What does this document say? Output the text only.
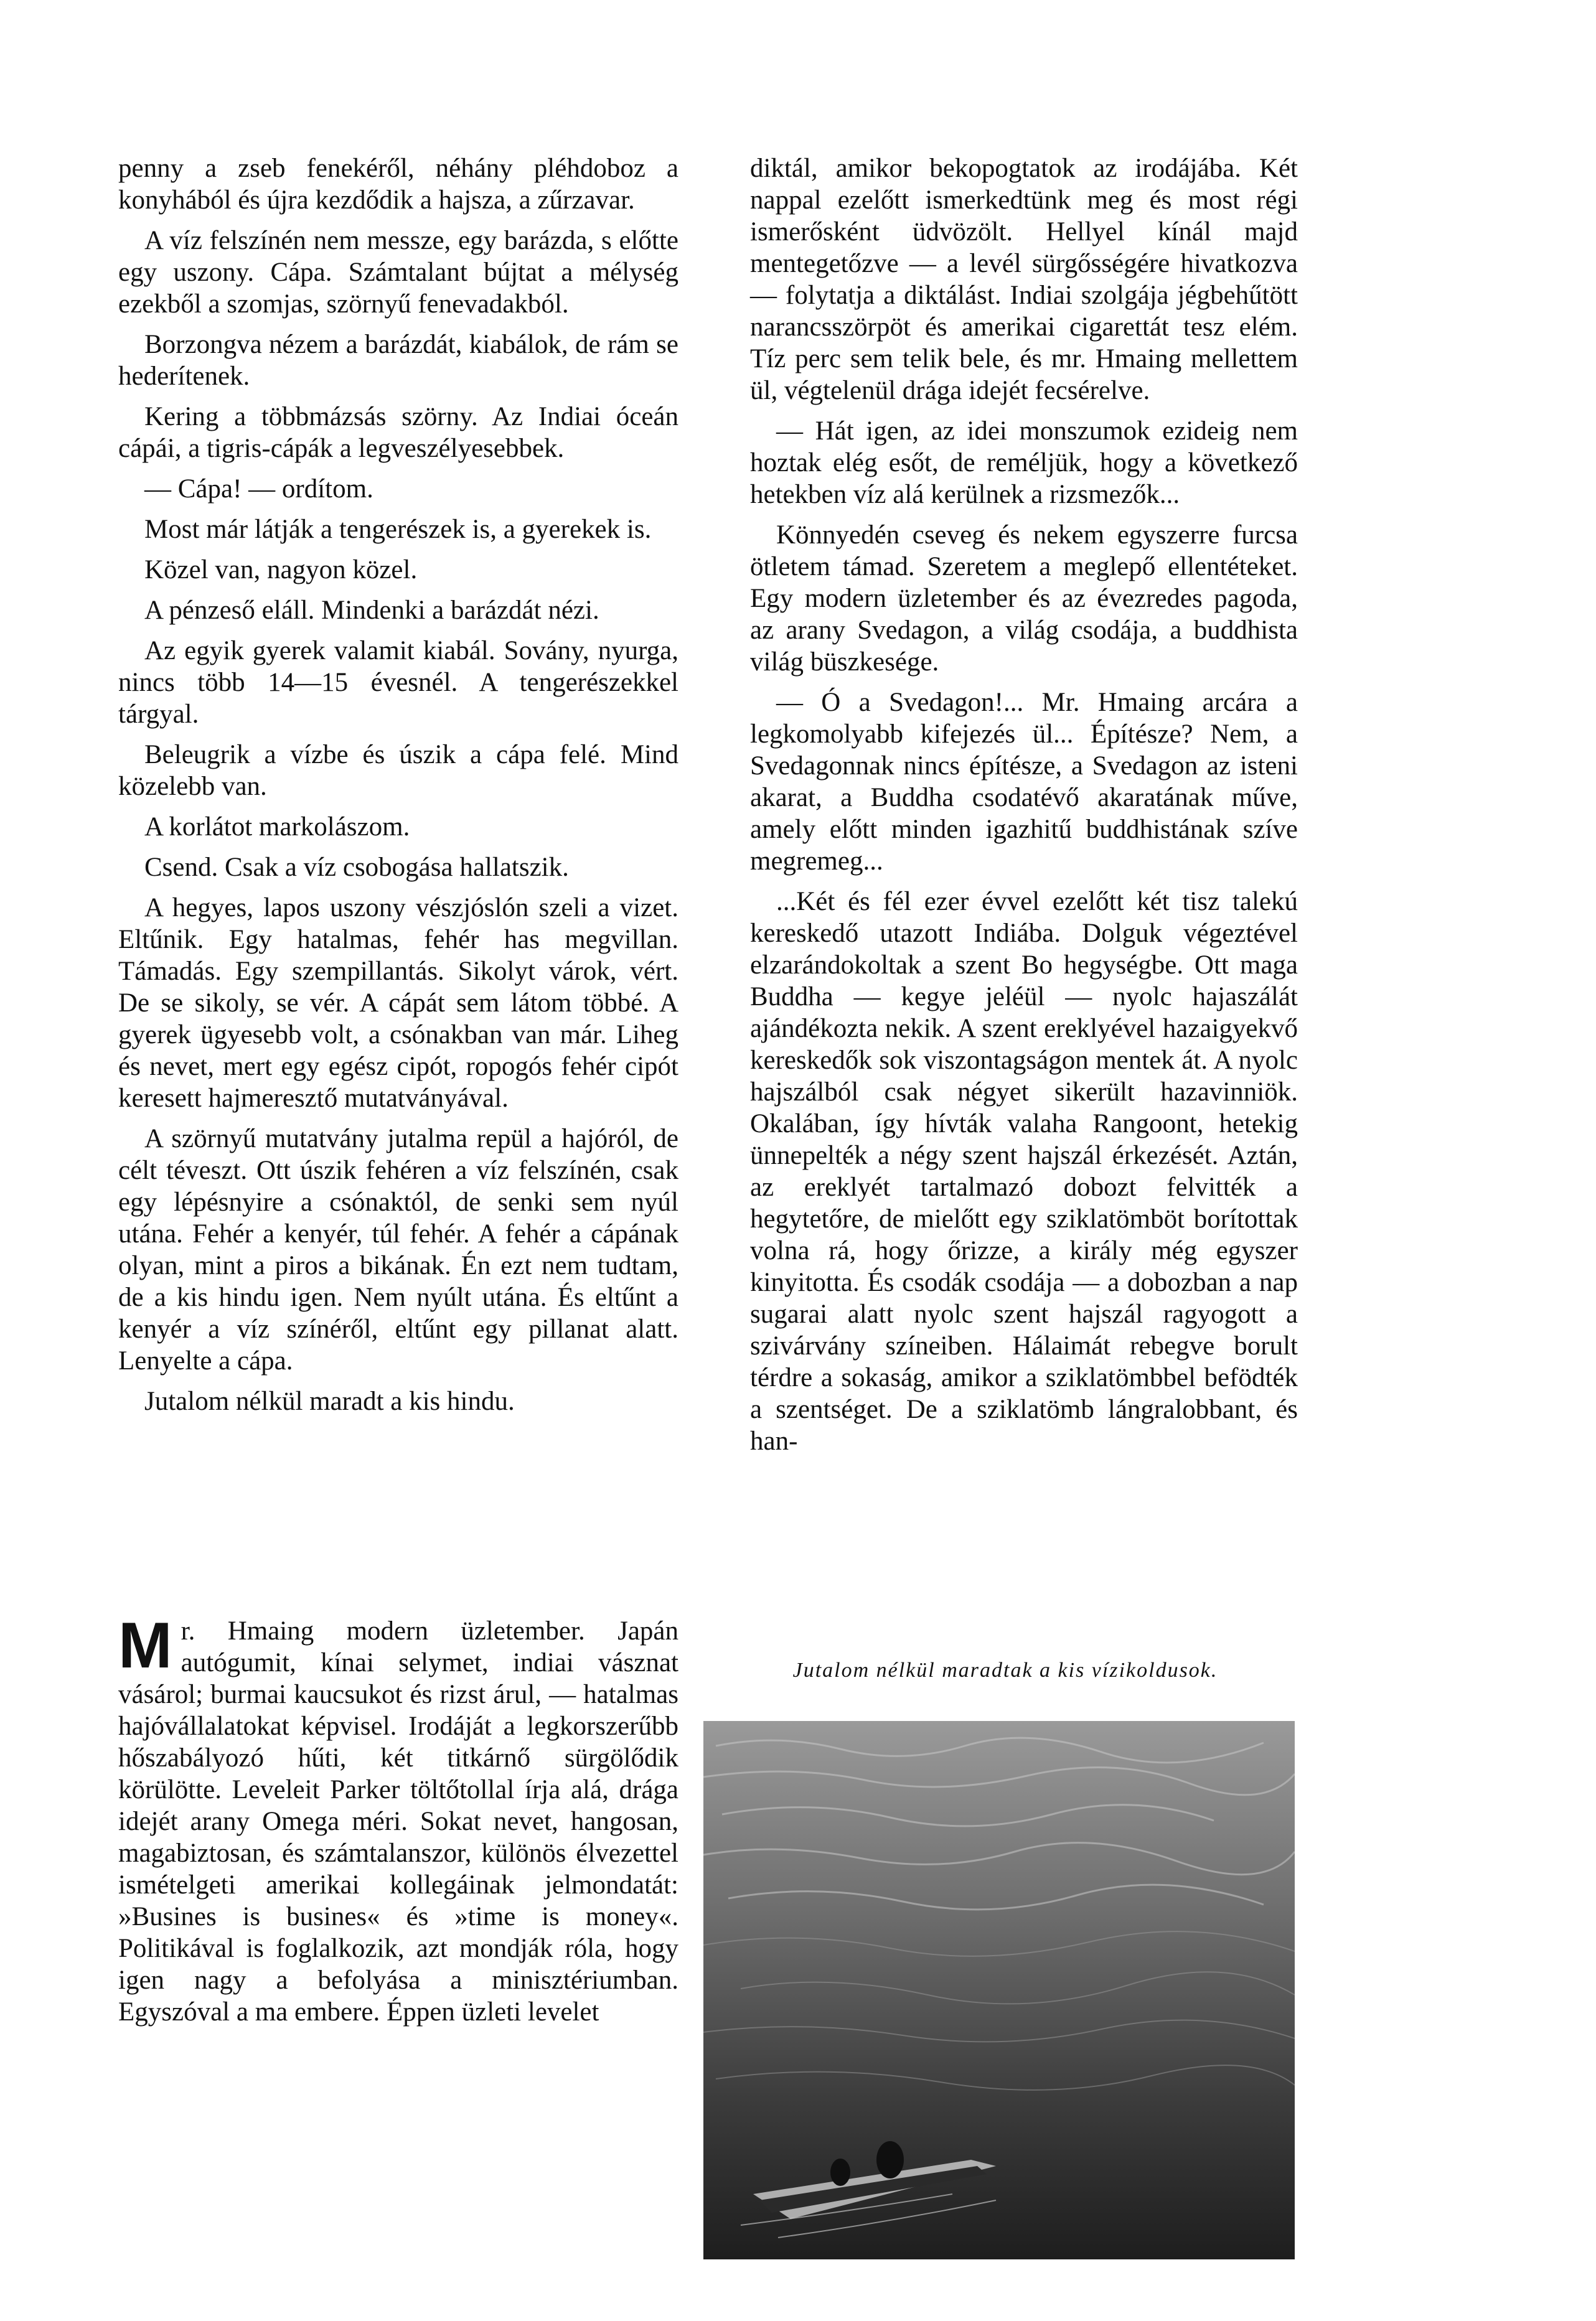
penny a zseb fenekéről, néhány pléhdoboz a konyhából és újra kezdődik a hajsza, a zűrzavar.

A víz felszínén nem messze, egy barázda, s előtte egy uszony. Cápa. Számtalant bújtat a mélység ezekből a szomjas, szörnyű fenevadakból.

Borzongva nézem a barázdát, kiabálok, de rám se hederítenek.

Kering a többmázsás szörny. Az Indiai óceán cápái, a tigris-cápák a legveszélyesebbek.

— Cápa! — ordítom.

Most már látják a tengerészek is, a gyerekek is.

Közel van, nagyon közel.

A pénzeső eláll. Mindenki a barázdát nézi.

Az egyik gyerek valamit kiabál. Sovány, nyurga, nincs több 14—15 évesnél. A tengerészekkel tárgyal.

Beleugrik a vízbe és úszik a cápa felé. Mind közelebb van.

A korlátot markolászom.

Csend. Csak a víz csobogása hallatszik.

A hegyes, lapos uszony vészjóslón szeli a vizet. Eltűnik. Egy hatalmas, fehér has megvillan. Támadás. Egy szempillantás. Sikolyt várok, vért. De se sikoly, se vér. A cápát sem látom többé. A gyerek ügyesebb volt, a csónakban van már. Liheg és nevet, mert egy egész cipót, ropogós fehér cipót keresett hajmeresztő mutatványával.

A szörnyű mutatvány jutalma repül a hajóról, de célt téveszt. Ott úszik fehéren a víz felszínén, csak egy lépésnyire a csónaktól, de senki sem nyúl utána. Fehér a kenyér, túl fehér. A fehér a cápának olyan, mint a piros a bikának. Én ezt nem tudtam, de a kis hindu igen. Nem nyúlt utána. És eltűnt a kenyér a víz színéről, eltűnt egy pillanat alatt. Lenyelte a cápa.

Jutalom nélkül maradt a kis hindu.

M r. Hmaing modern üzletember. Japán autógumit, kínai selymet, indiai vásznat vásárol; burmai kaucsukot és rizst árul, — hatalmas hajóvállalatokat képvisel. Irodáját a legkorszerűbb hőszabályozó hűti, két titkárnő sürgölődik körülötte. Leveleit Parker töltőtollal írja alá, drága idejét arany Omega méri. Sokat nevet, hangosan, magabiztosan, és számtalanszor, különös élvezettel ismételgeti amerikai kollegáinak jelmondatát: »Busines is busines« és »time is money«. Politikával is foglalkozik, azt mondják róla, hogy igen nagy a befolyása a minisztériumban. Egyszóval a ma embere. Éppen üzleti levelet

diktál, amikor bekopogtatok az irodájába. Két nappal ezelőtt ismerkedtünk meg és most régi ismerősként üdvözölt. Hellyel kínál majd mentegetőzve — a levél sürgősségére hivatkozva — folytatja a diktálást. Indiai szolgája jégbehűtött narancsszörpöt és amerikai cigarettát tesz elém. Tíz perc sem telik bele, és mr. Hmaing mellettem ül, végtelenül drága idejét fecsérelve.

— Hát igen, az idei monszumok ezideig nem hoztak elég esőt, de reméljük, hogy a következő hetekben víz alá kerülnek a rizsmezők...

Könnyedén cseveg és nekem egyszerre furcsa ötletem támad. Szeretem a meglepő ellentéteket. Egy modern üzletember és az évezredes pagoda, az arany Svedagon, a világ csodája, a buddhista világ büszkesége.

— Ó a Svedagon!... Mr. Hmaing arcára a legkomolyabb kifejezés ül... Építésze? Nem, a Svedagonnak nincs építésze, a Svedagon az isteni akarat, a Buddha csodatévő akaratának műve, amely előtt minden igazhitű buddhistának szíve megremeg...

...Két és fél ezer évvel ezelőtt két tisz talekú kereskedő utazott Indiába. Dolguk végeztével elzarándokoltak a szent Bo hegységbe. Ott maga Buddha — kegye jeléül — nyolc hajaszálát ajándékozta nekik. A szent ereklyével hazaigyekvő kereskedők sok viszontagságon mentek át. A nyolc hajszálból csak négyet sikerült hazavinniök. Okalában, így hívták valaha Rangoont, hetekig ünnepelték a négy szent hajszál érkezését. Aztán, az ereklyét tartalmazó dobozt felvitték a hegytetőre, de mielőtt egy sziklatömböt borítottak volna rá, hogy őrizze, a király még egyszer kinyitotta. És csodák csodája — a dobozban a nap sugarai alatt nyolc szent hajszál ragyogott a szivárvány színeiben. Hálaimát rebegve borult térdre a sokaság, amikor a sziklatömbbel befödték a szentséget. De a sziklatömb lángralobbant, és han-

Jutalom nélkül maradtak a kis vízikoldusok.
